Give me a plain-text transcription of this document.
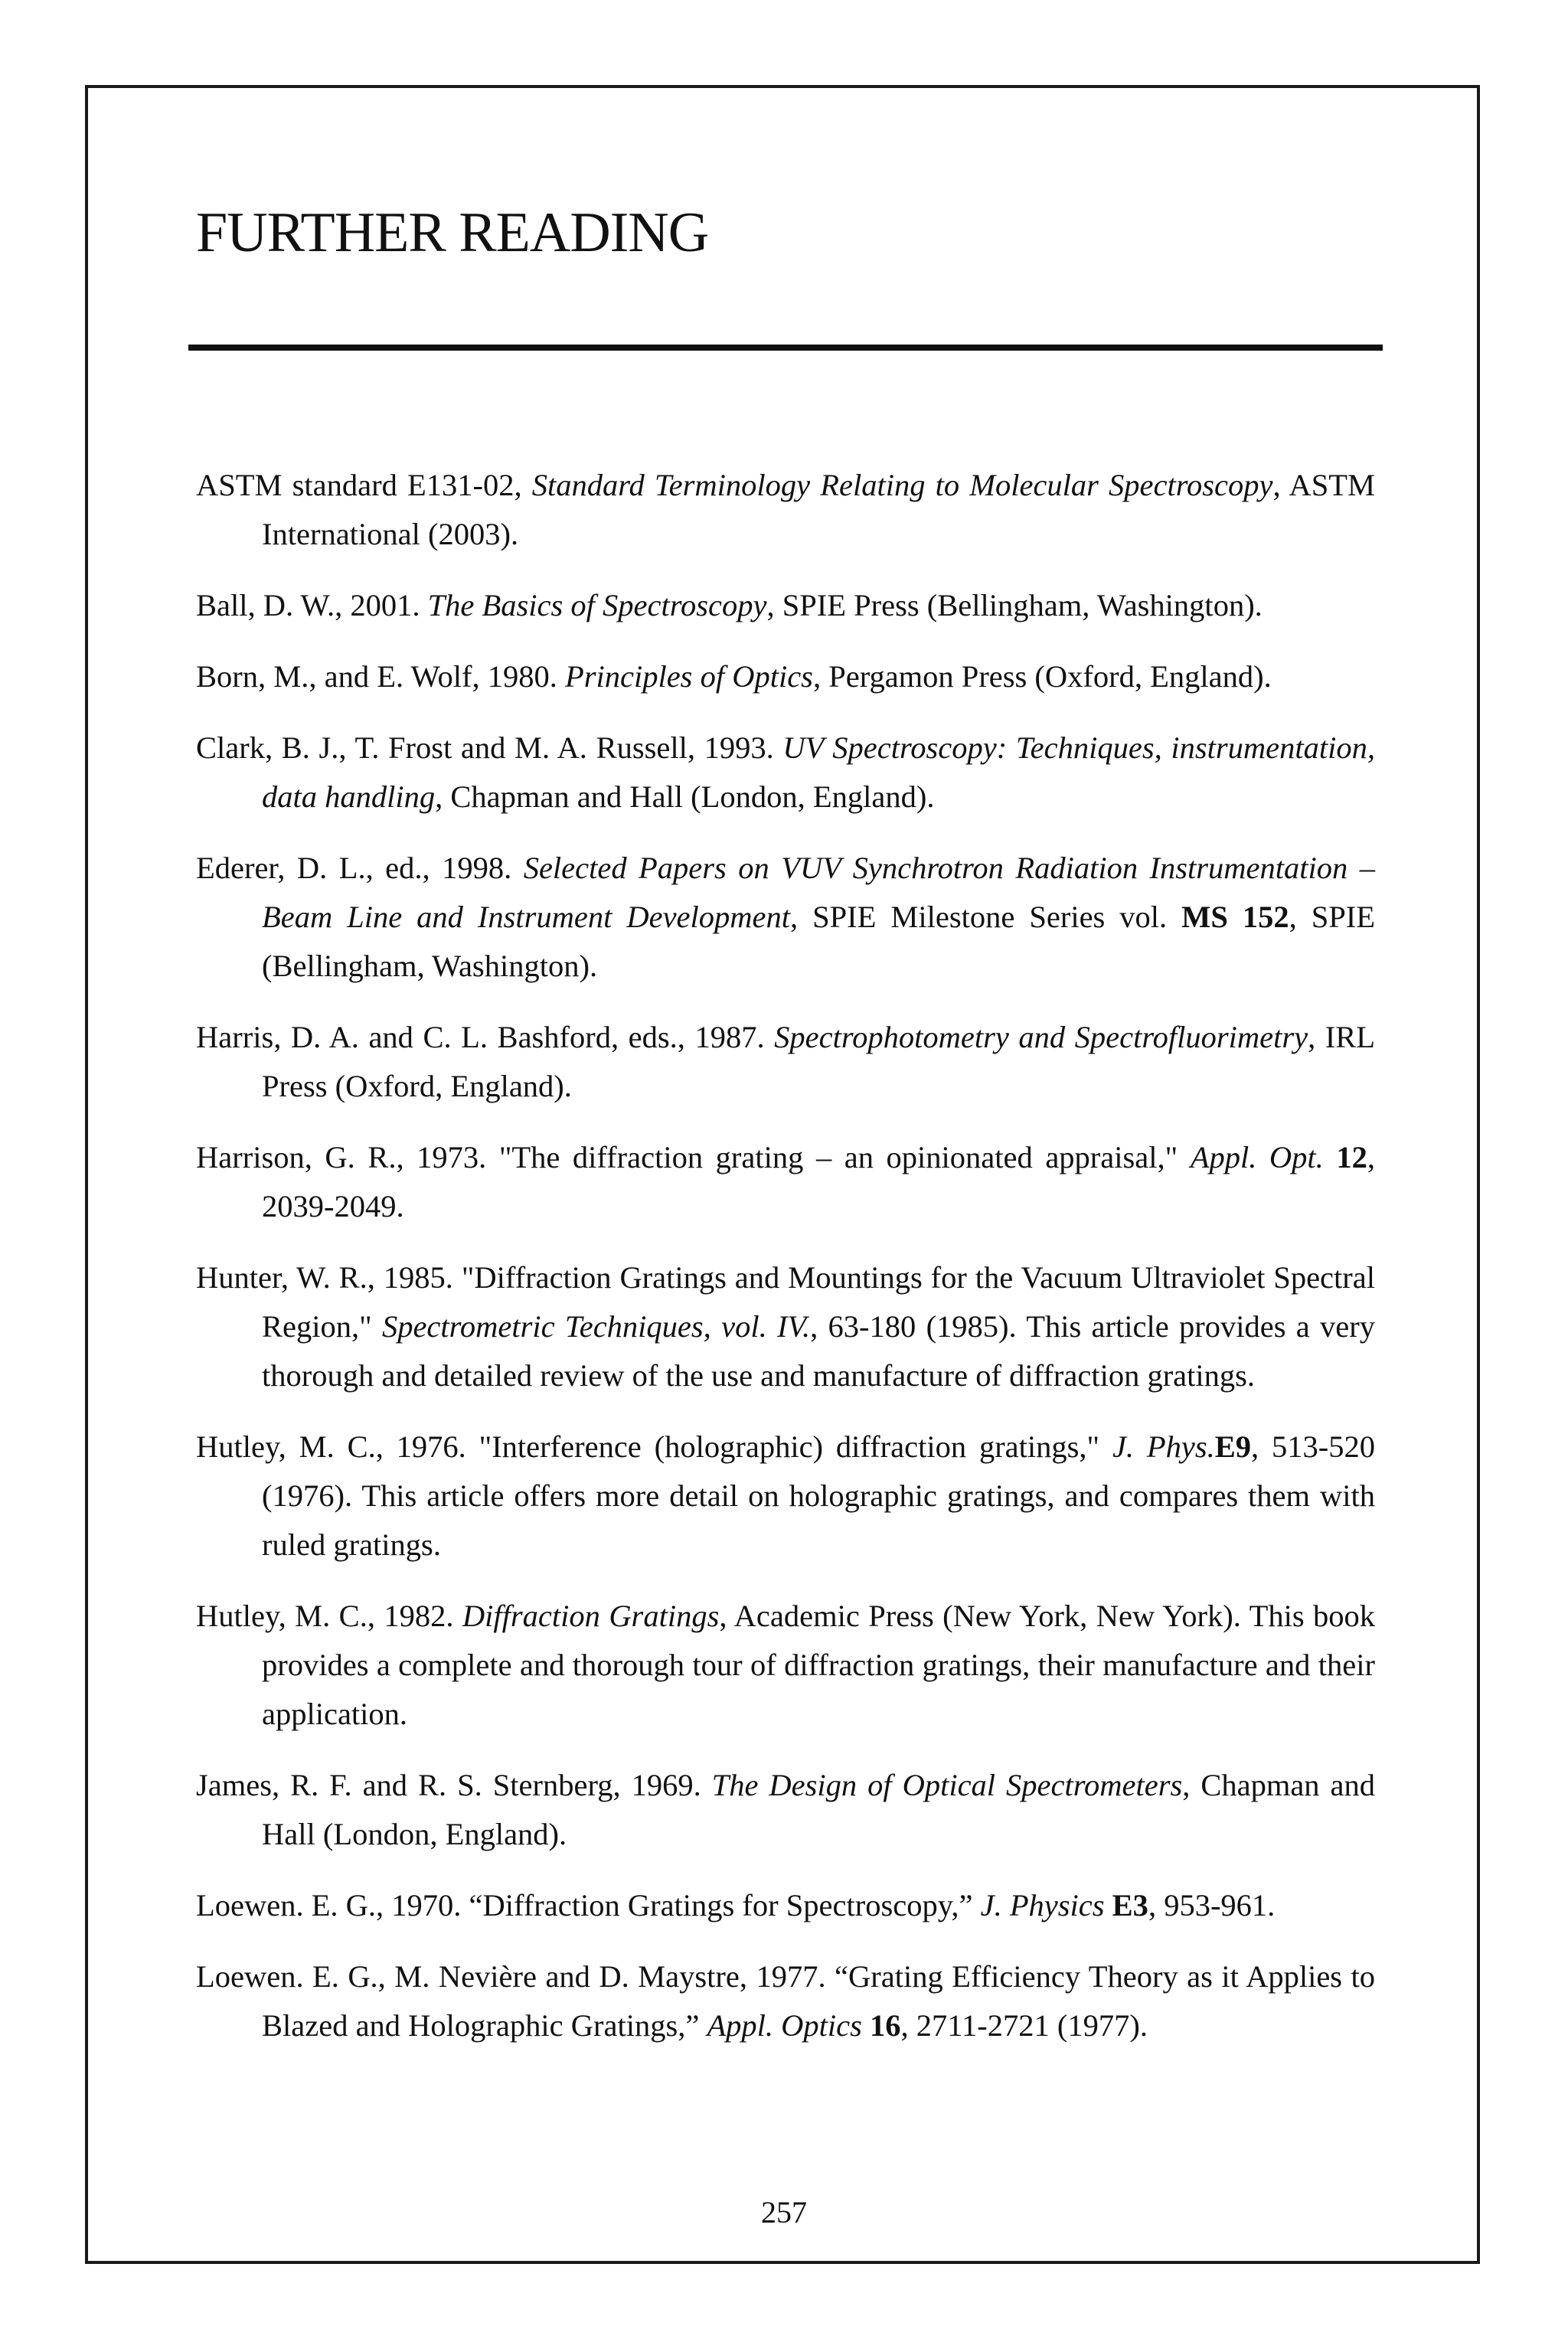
FURTHER READING

ASTM standard E131-02, Standard Terminology Relating to Molecular Spectroscopy, ASTM International (2003).

Ball, D. W., 2001. The Basics of Spectroscopy, SPIE Press (Bellingham, Washington).

Born, M., and E. Wolf, 1980. Principles of Optics, Pergamon Press (Oxford, England).

Clark, B. J., T. Frost and M. A. Russell, 1993. UV Spectroscopy: Techniques, instrumentation, data handling, Chapman and Hall (London, England).

Ederer, D. L., ed., 1998. Selected Papers on VUV Synchrotron Radiation Instrumentation – Beam Line and Instrument Development, SPIE Milestone Series vol. MS 152, SPIE (Bellingham, Washington).

Harris, D. A. and C. L. Bashford, eds., 1987. Spectrophotometry and Spectrofluorimetry, IRL Press (Oxford, England).

Harrison, G. R., 1973. "The diffraction grating – an opinionated appraisal," Appl. Opt. 12, 2039-2049.

Hunter, W. R., 1985. "Diffraction Gratings and Mountings for the Vacuum Ultraviolet Spectral Region," Spectrometric Techniques, vol. IV., 63-180 (1985). This article provides a very thorough and detailed review of the use and manufacture of diffraction gratings.

Hutley, M. C., 1976. "Interference (holographic) diffraction gratings," J. Phys.E9, 513-520 (1976). This article offers more detail on holographic gratings, and compares them with ruled gratings.

Hutley, M. C., 1982. Diffraction Gratings, Academic Press (New York, New York). This book provides a complete and thorough tour of diffraction gratings, their manufacture and their application.

James, R. F. and R. S. Sternberg, 1969. The Design of Optical Spectrometers, Chapman and Hall (London, England).

Loewen. E. G., 1970. “Diffraction Gratings for Spectroscopy,” J. Physics E3, 953-961.

Loewen. E. G., M. Nevière and D. Maystre, 1977. “Grating Efficiency Theory as it Applies to Blazed and Holographic Gratings,” Appl. Optics 16, 2711-2721 (1977).

257
